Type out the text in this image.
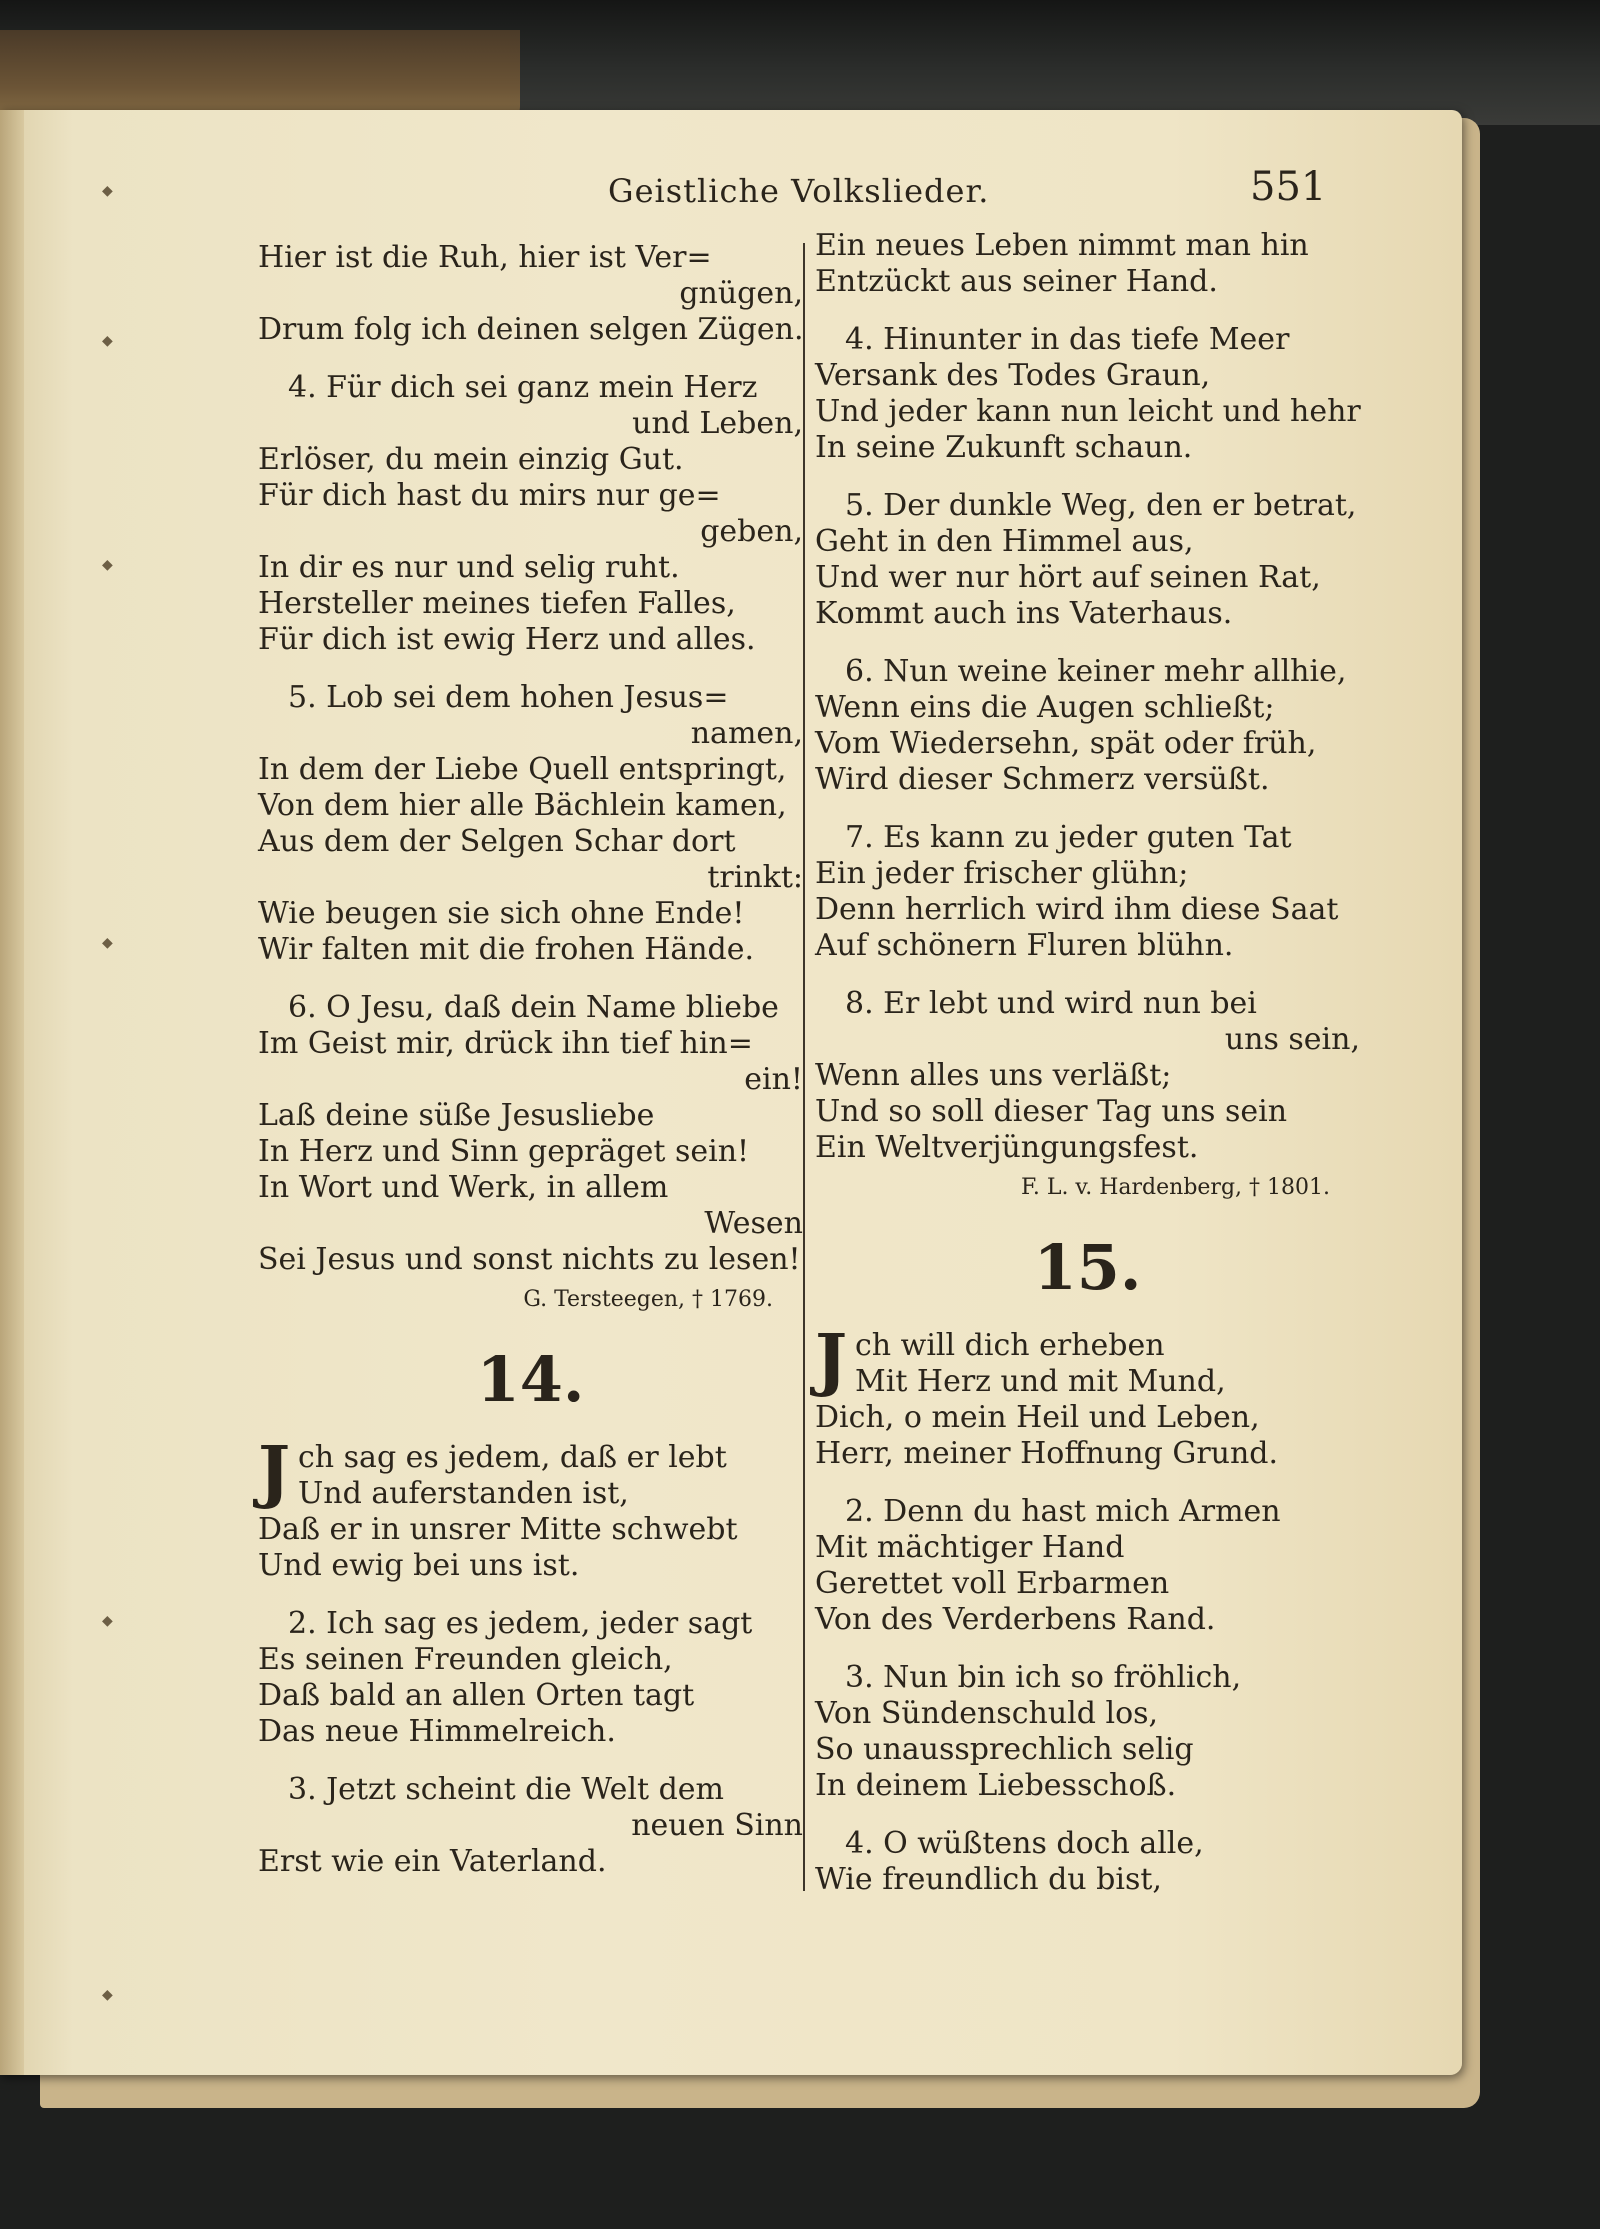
◆
◆
◆
◆
◆
◆
Geistliche Volkslieder.	551
Hier ist die Ruh, hier ist Ver=
gnügen,
Drum folg ich deinen selgen Zügen.
4. Für dich sei ganz mein Herz
und Leben,
Erlöser, du mein einzig Gut.
Für dich hast du mirs nur ge=
geben,
In dir es nur und selig ruht.
Hersteller meines tiefen Falles,
Für dich ist ewig Herz und alles.
5. Lob sei dem hohen Jesus=
namen,
In dem der Liebe Quell entspringt,
Von dem hier alle Bächlein kamen,
Aus dem der Selgen Schar dort
trinkt:
Wie beugen sie sich ohne Ende!
Wir falten mit die frohen Hände.
6. O Jesu, daß dein Name bliebe
Im Geist mir, drück ihn tief hin=
ein!
Laß deine süße Jesusliebe
In Herz und Sinn gepräget sein!
In Wort und Werk, in allem
Wesen
Sei Jesus und sonst nichts zu lesen!
G. Tersteegen, † 1769.
14.
J ch sag es jedem, daß er lebt
Und auferstanden ist,
Daß er in unsrer Mitte schwebt
Und ewig bei uns ist.
2. Ich sag es jedem, jeder sagt
Es seinen Freunden gleich,
Daß bald an allen Orten tagt
Das neue Himmelreich.
3. Jetzt scheint die Welt dem
neuen Sinn
Erst wie ein Vaterland.
Ein neues Leben nimmt man hin
Entzückt aus seiner Hand.
4. Hinunter in das tiefe Meer
Versank des Todes Graun,
Und jeder kann nun leicht und hehr
In seine Zukunft schaun.
5. Der dunkle Weg, den er betrat,
Geht in den Himmel aus,
Und wer nur hört auf seinen Rat,
Kommt auch ins Vaterhaus.
6. Nun weine keiner mehr allhie,
Wenn eins die Augen schließt;
Vom Wiedersehn, spät oder früh,
Wird dieser Schmerz versüßt.
7. Es kann zu jeder guten Tat
Ein jeder frischer glühn;
Denn herrlich wird ihm diese Saat
Auf schönern Fluren blühn.
8. Er lebt und wird nun bei
uns sein,
Wenn alles uns verläßt;
Und so soll dieser Tag uns sein
Ein Weltverjüngungsfest.
F. L. v. Hardenberg, † 1801.
15.
J ch will dich erheben
Mit Herz und mit Mund,
Dich, o mein Heil und Leben,
Herr, meiner Hoffnung Grund.
2. Denn du hast mich Armen
Mit mächtiger Hand
Gerettet voll Erbarmen
Von des Verderbens Rand.
3. Nun bin ich so fröhlich,
Von Sündenschuld los,
So unaussprechlich selig
In deinem Liebesschoß.
4. O wüßtens doch alle,
Wie freundlich du bist,
